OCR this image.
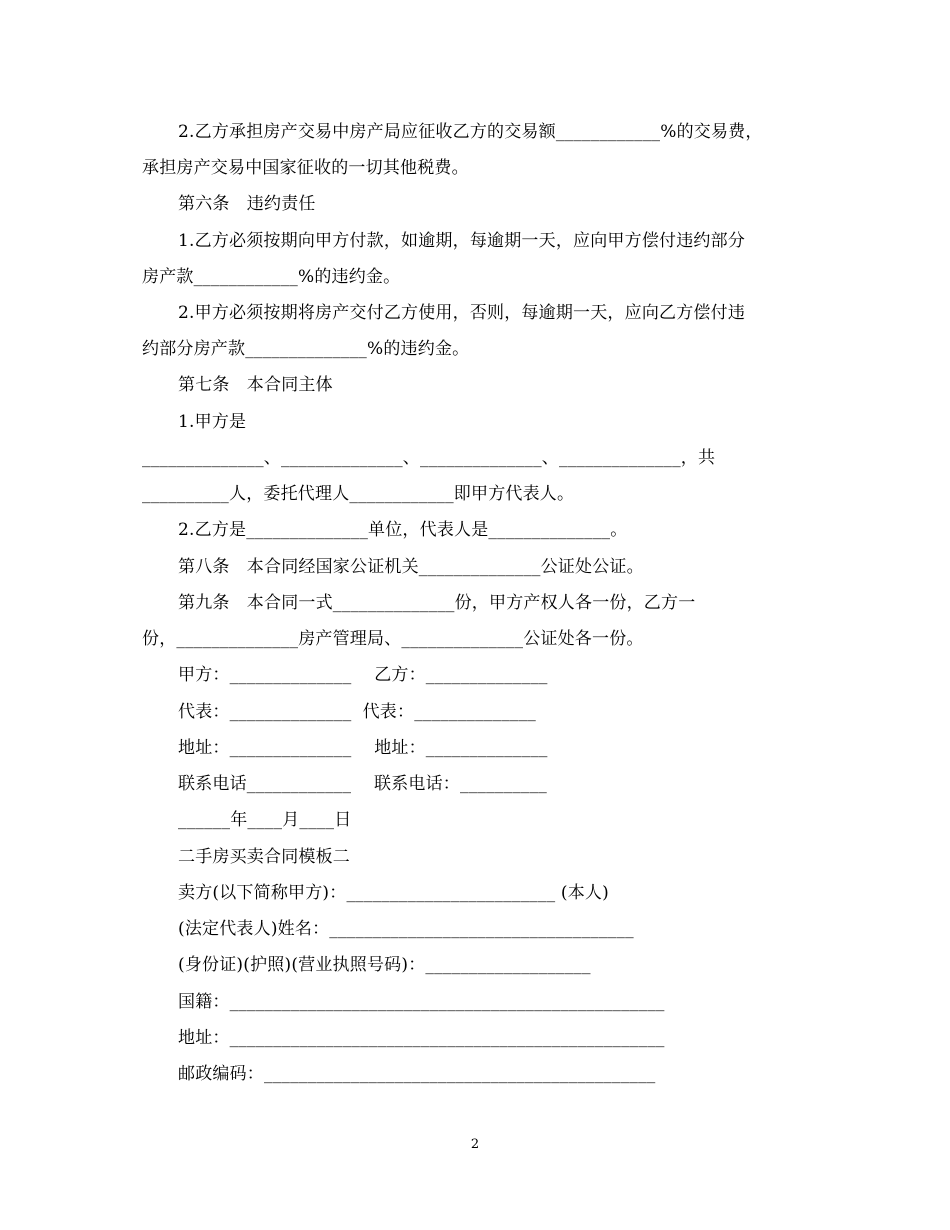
2.乙方承担房产交易中房产局应征收乙方的交易额____________%的交易费，
承担房产交易中国家征收的一切其他税费。
第六条　违约责任
1.乙方必须按期向甲方付款，如逾期，每逾期一天，应向甲方偿付违约部分
房产款____________%的违约金。
2.甲方必须按期将房产交付乙方使用，否则，每逾期一天，应向乙方偿付违
约部分房产款______________%的违约金。
第七条　本合同主体
1.甲方是
______________、______________、______________、______________，共
__________人，委托代理人____________即甲方代表人。
2.乙方是______________单位，代表人是______________。
第八条　本合同经国家公证机关______________公证处公证。
第九条　本合同一式______________份，甲方产权人各一份，乙方一
份，______________房产管理局、______________公证处各一份。
甲方：______________　 乙方：______________
代表：______________  代表：______________
地址：______________　 地址：______________
联系电话____________　 联系电话：__________
______年____月____日
二手房买卖合同模板二
卖方(以下简称甲方)：________________________ (本人)
(法定代表人)姓名：___________________________________
(身份证)(护照)(营业执照号码)：___________________
国籍：__________________________________________________
地址：__________________________________________________
邮政编码：_____________________________________________
2
